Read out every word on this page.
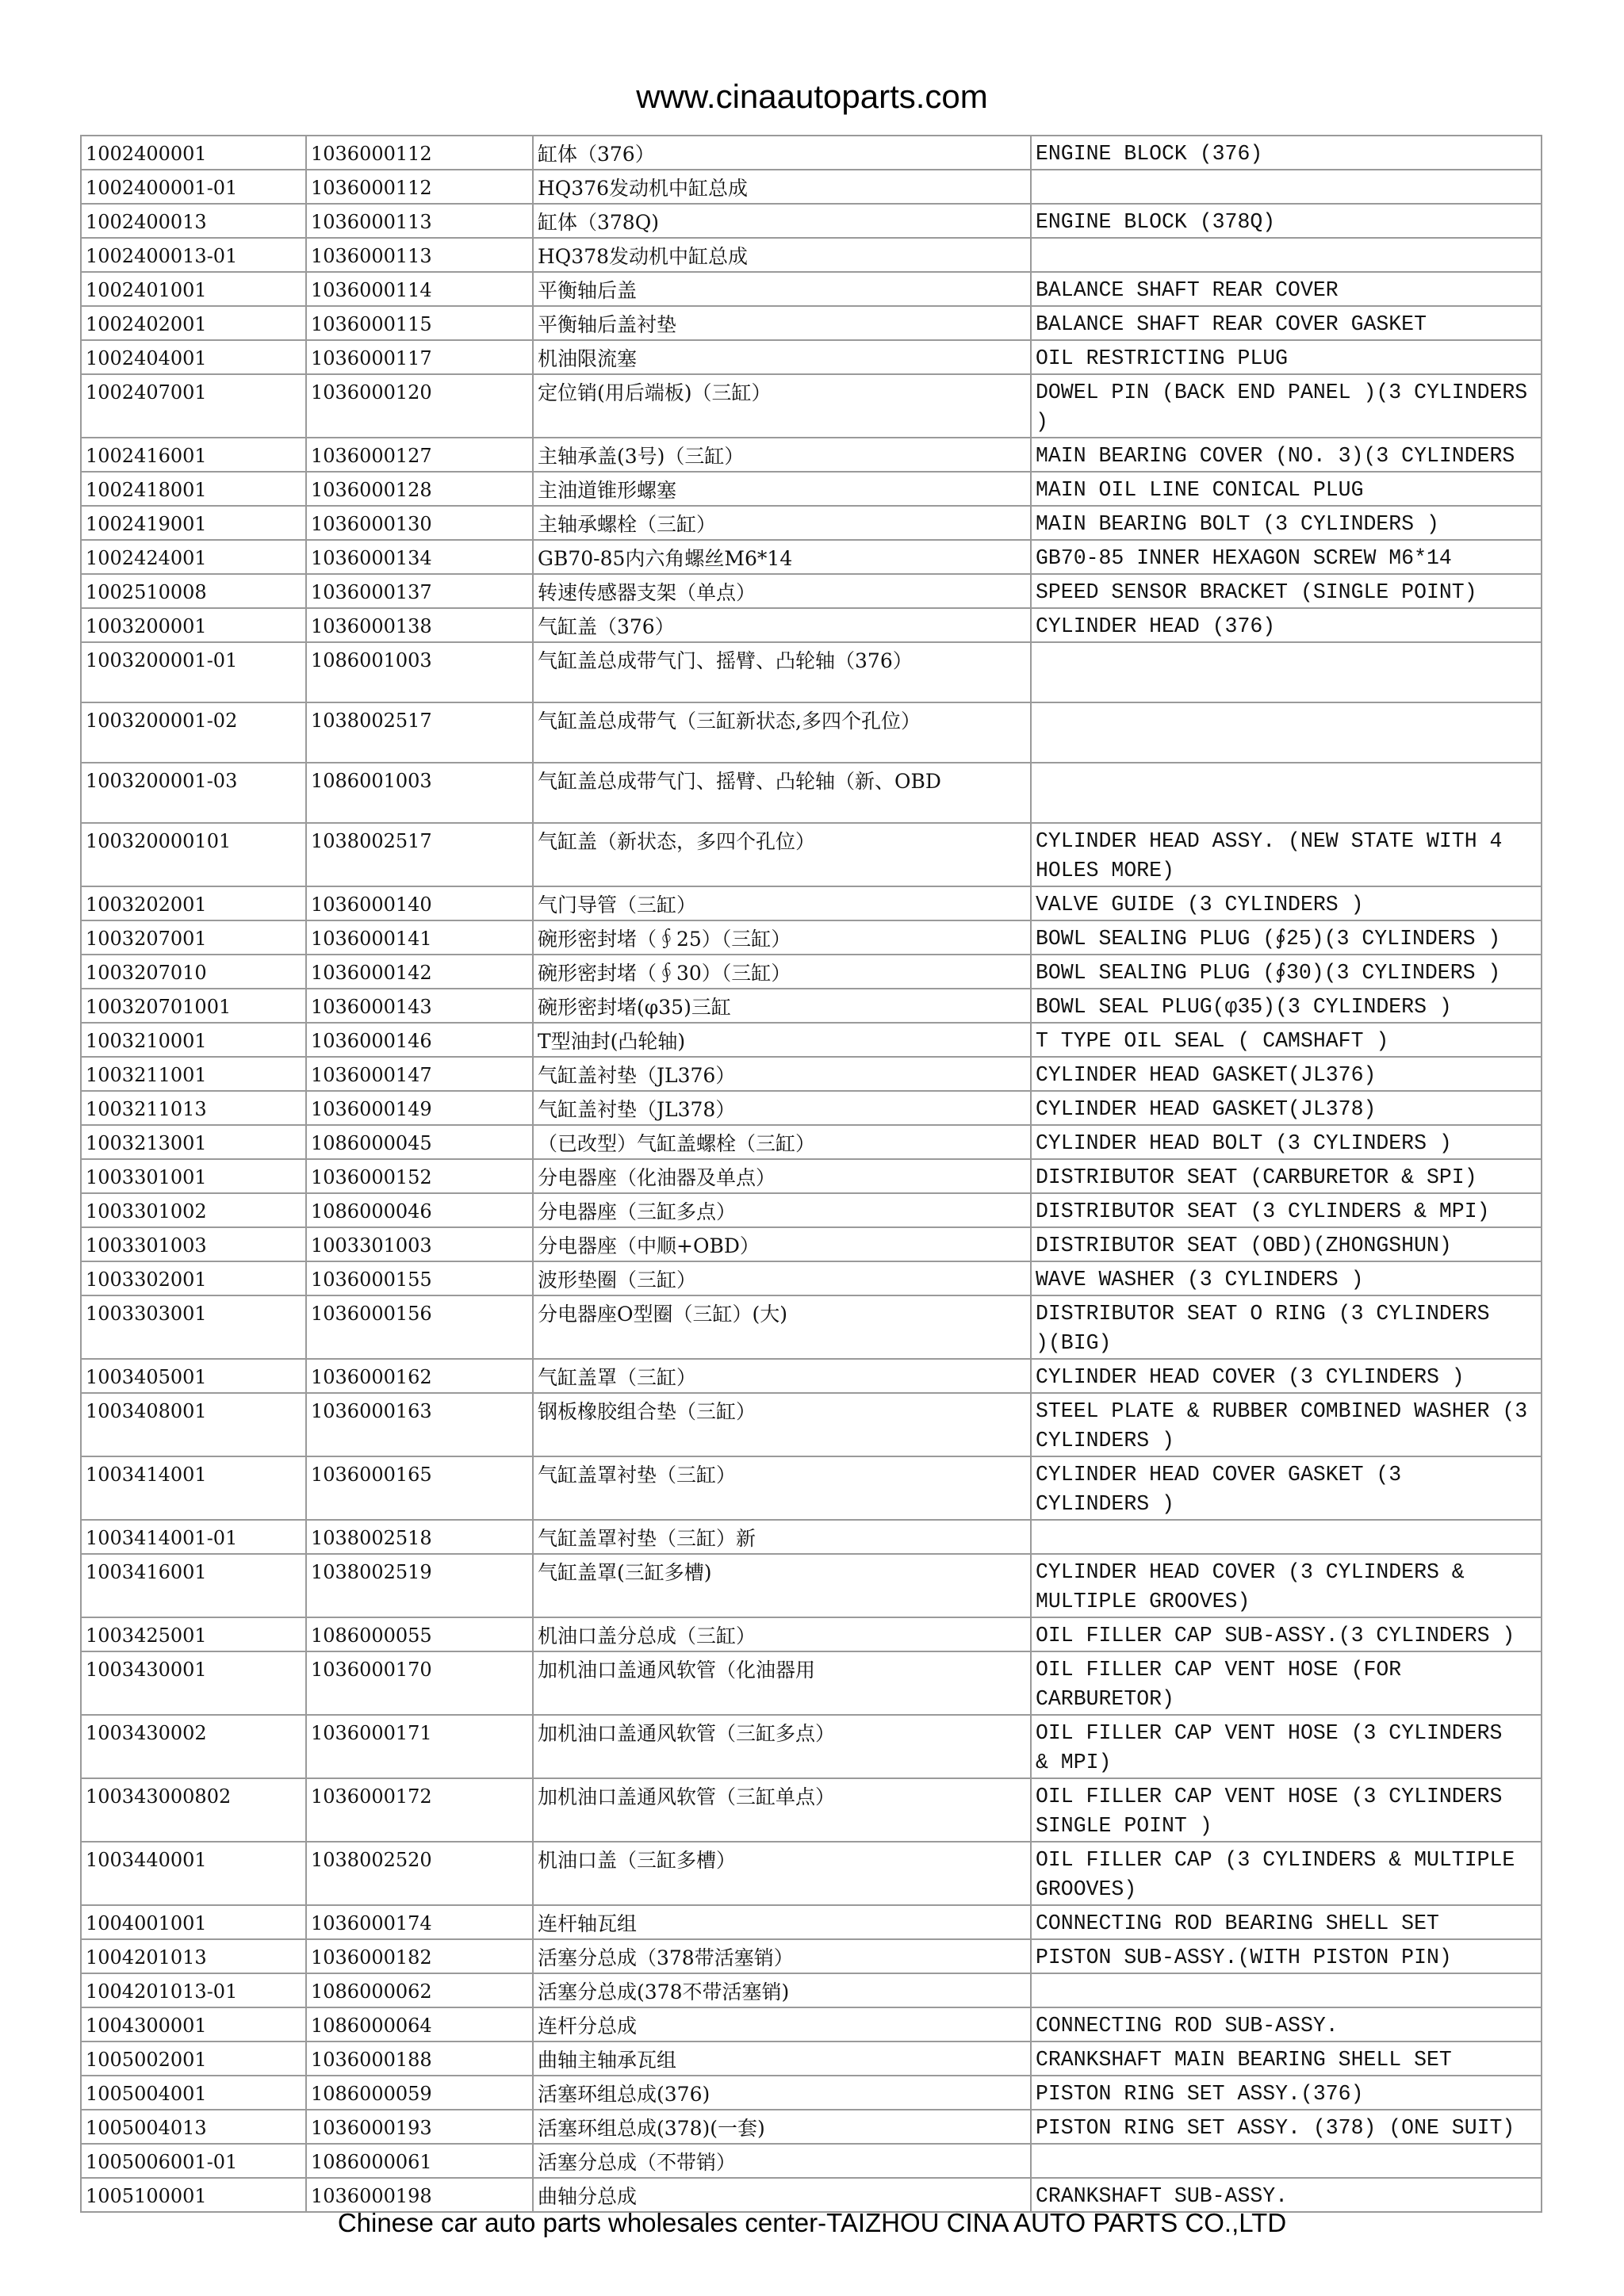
www.cinaautoparts.com
1002400001	1036000112	缸体（376）	ENGINE BLOCK (376)

1002400001-01	1036000112	HQ376发动机中缸总成	

1002400013	1036000113	缸体（378Q)	ENGINE BLOCK (378Q)

1002400013-01	1036000113	HQ378发动机中缸总成	

1002401001	1036000114	平衡轴后盖	BALANCE SHAFT REAR COVER

1002402001	1036000115	平衡轴后盖衬垫	BALANCE SHAFT REAR COVER GASKET

1002404001	1036000117	机油限流塞	OIL RESTRICTING PLUG

1002407001	1036000120	定位销(用后端板)（三缸）	DOWEL PIN (BACK END PANEL )(3 CYLINDERS
)

1002416001	1036000127	主轴承盖(3号)（三缸）	MAIN BEARING COVER (NO. 3)(3 CYLINDERS

1002418001	1036000128	主油道锥形螺塞	MAIN OIL LINE CONICAL PLUG

1002419001	1036000130	主轴承螺栓（三缸）	MAIN BEARING BOLT (3 CYLINDERS )

1002424001	1036000134	GB70-85内六角螺丝M6*14	GB70-85 INNER HEXAGON SCREW M6*14

1002510008	1036000137	转速传感器支架（单点）	SPEED SENSOR BRACKET (SINGLE POINT)

1003200001	1036000138	气缸盖（376）	CYLINDER HEAD (376)

1003200001-01	1086001003	气缸盖总成带气门、摇臂、凸轮轴（376）	

1003200001-02	1038002517	气缸盖总成带气（三缸新状态,多四个孔位）	

1003200001-03	1086001003	气缸盖总成带气门、摇臂、凸轮轴（新、OBD	

100320000101	1038002517	气缸盖（新状态，多四个孔位）	CYLINDER HEAD ASSY. (NEW STATE WITH 4
HOLES MORE)

1003202001	1036000140	气门导管（三缸）	VALVE GUIDE (3 CYLINDERS )

1003207001	1036000141	碗形密封堵（∮25）（三缸）	BOWL SEALING PLUG (∮25)(3 CYLINDERS )

1003207010	1036000142	碗形密封堵（∮30）（三缸）	BOWL SEALING PLUG (∮30)(3 CYLINDERS )

100320701001	1036000143	碗形密封堵(φ35)三缸	BOWL SEAL PLUG(φ35)(3 CYLINDERS )

1003210001	1036000146	T型油封(凸轮轴)	T TYPE OIL SEAL ( CAMSHAFT )

1003211001	1036000147	气缸盖衬垫（JL376）	CYLINDER HEAD GASKET(JL376)

1003211013	1036000149	气缸盖衬垫（JL378）	CYLINDER HEAD GASKET(JL378)

1003213001	1086000045	（已改型）气缸盖螺栓（三缸）	CYLINDER HEAD BOLT (3 CYLINDERS )

1003301001	1036000152	分电器座（化油器及单点）	DISTRIBUTOR SEAT (CARBURETOR & SPI)

1003301002	1086000046	分电器座（三缸多点）	DISTRIBUTOR SEAT (3 CYLINDERS & MPI)

1003301003	1003301003	分电器座（中顺+OBD）	DISTRIBUTOR SEAT (OBD)(ZHONGSHUN)

1003302001	1036000155	波形垫圈（三缸）	WAVE WASHER (3 CYLINDERS )

1003303001	1036000156	分电器座O型圈（三缸）(大)	DISTRIBUTOR SEAT O RING (3 CYLINDERS
)(BIG)

1003405001	1036000162	气缸盖罩（三缸）	CYLINDER HEAD COVER (3 CYLINDERS )

1003408001	1036000163	钢板橡胶组合垫（三缸）	STEEL PLATE & RUBBER COMBINED WASHER (3
CYLINDERS )

1003414001	1036000165	气缸盖罩衬垫（三缸）	CYLINDER HEAD COVER GASKET (3
CYLINDERS )

1003414001-01	1038002518	气缸盖罩衬垫（三缸）新	

1003416001	1038002519	气缸盖罩(三缸多槽)	CYLINDER HEAD COVER (3 CYLINDERS &
MULTIPLE GROOVES)

1003425001	1086000055	机油口盖分总成（三缸）	OIL FILLER CAP SUB-ASSY.(3 CYLINDERS )

1003430001	1036000170	加机油口盖通风软管（化油器用	OIL FILLER CAP VENT HOSE (FOR
CARBURETOR)

1003430002	1036000171	加机油口盖通风软管（三缸多点）	OIL FILLER CAP VENT HOSE (3 CYLINDERS
& MPI)

100343000802	1036000172	加机油口盖通风软管（三缸单点）	OIL FILLER CAP VENT HOSE (3 CYLINDERS
SINGLE POINT )

1003440001	1038002520	机油口盖（三缸多槽）	OIL FILLER CAP (3 CYLINDERS & MULTIPLE
GROOVES)

1004001001	1036000174	连杆轴瓦组	CONNECTING ROD BEARING SHELL SET

1004201013	1036000182	活塞分总成（378带活塞销）	PISTON SUB-ASSY.(WITH PISTON PIN)

1004201013-01	1086000062	活塞分总成(378不带活塞销)	

1004300001	1086000064	连杆分总成	CONNECTING ROD SUB-ASSY.

1005002001	1036000188	曲轴主轴承瓦组	CRANKSHAFT MAIN BEARING SHELL SET

1005004001	1086000059	活塞环组总成(376)	PISTON RING SET ASSY.(376)

1005004013	1036000193	活塞环组总成(378)(一套)	PISTON RING SET ASSY. (378) (ONE SUIT)

1005006001-01	1086000061	活塞分总成（不带销）	

1005100001	1036000198	曲轴分总成	CRANKSHAFT SUB-ASSY.
Chinese car auto parts wholesales center-TAIZHOU CINA AUTO PARTS CO.,LTD
